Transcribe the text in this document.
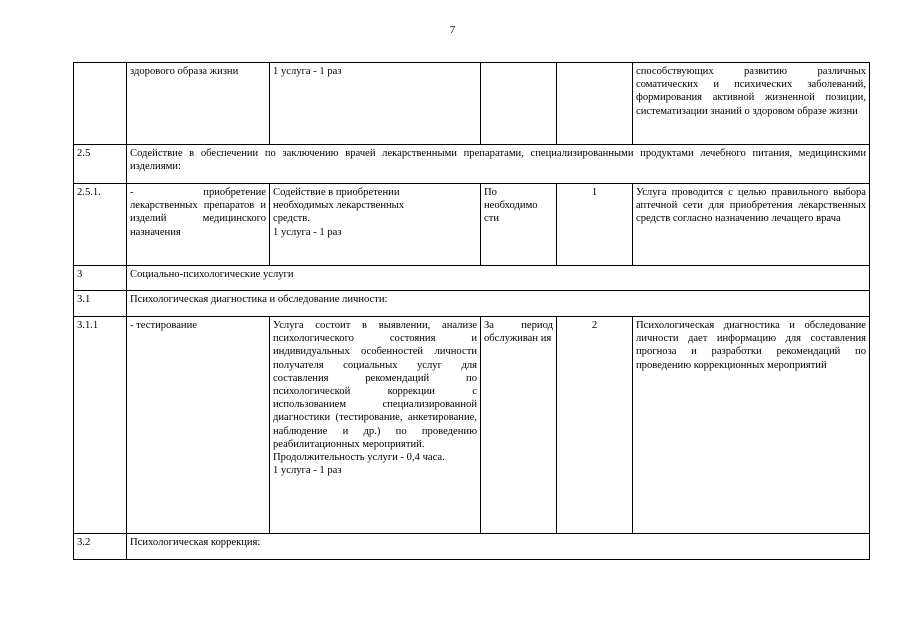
7
	здорового образа жизни	1 услуга - 1 раз			способствующих развитию различных соматических и психических заболеваний, формирования активной жизненной позиции, систематизации знаний о здоровом образе жизни
2.5	Содействие в обеспечении по заключению врачей лекарственными препаратами, специализированными продуктами лечебного питания, медицинскими изделиями:				
2.5.1.	- приобретение лекарственных препаратов и изделий медицинского назначения	Содействие в приобретении
необходимых лекарственных
средств.
1 услуга - 1 раз	По необходимо сти	1	Услуга проводится с целью правильного выбора аптечной сети для приобретения лекарственных средств согласно назначению лечащего врача
3	Социально-психологические услуги				
3.1	Психологическая диагностика и обследование личности:				
3.1.1	- тестирование	Услуга состоит в выявлении, анализе психологического состояния и индивидуальных особенностей личности получателя социальных услуг для составления рекомендаций по психологической коррекции с использованием специализированной диагностики (тестирование, анкетирование, наблюдение и др.) по проведению реабилитационных мероприятий.
Продолжительность услуги - 0,4 часа.
1 услуга - 1 раз	За период обслуживан ия	2	Психологическая диагностика и обследование личности дает информацию для составления прогноза и разработки рекомендаций по проведению коррекционных мероприятий
3.2	Психологическая коррекция:				
